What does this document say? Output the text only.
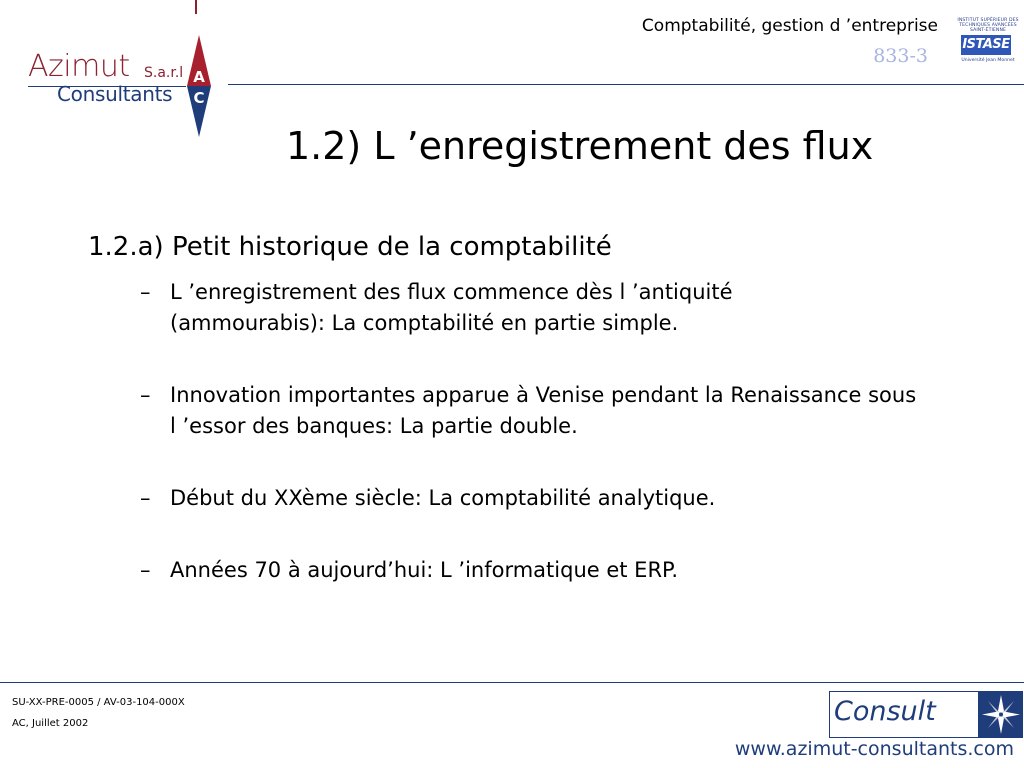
Azimut S.a.r.l
Consultants
A
C
Comptabilité, gestion d ’entreprise
833-3
INSTITUT SUPÉRIEUR DES TECHNIQUES AVANCÉES SAINT-ÉTIENNE
ISTASE
Université Jean Monnet
1.2) L ’enregistrement des flux
1.2.a) Petit historique de la comptabilité
– L ’enregistrement des flux commence dès l ’antiquité (ammourabis): La comptabilité en partie simple.
– Innovation importantes apparue à Venise pendant la Renaissance sous l ’essor des banques: La partie double.
– Début du XXème siècle: La comptabilité analytique.
– Années 70 à aujourd’hui: L ’informatique et ERP.
SU-XX-PRE-0005 / AV-03-104-000X
AC, Juillet 2002	Consult
www.azimut-consultants.com
